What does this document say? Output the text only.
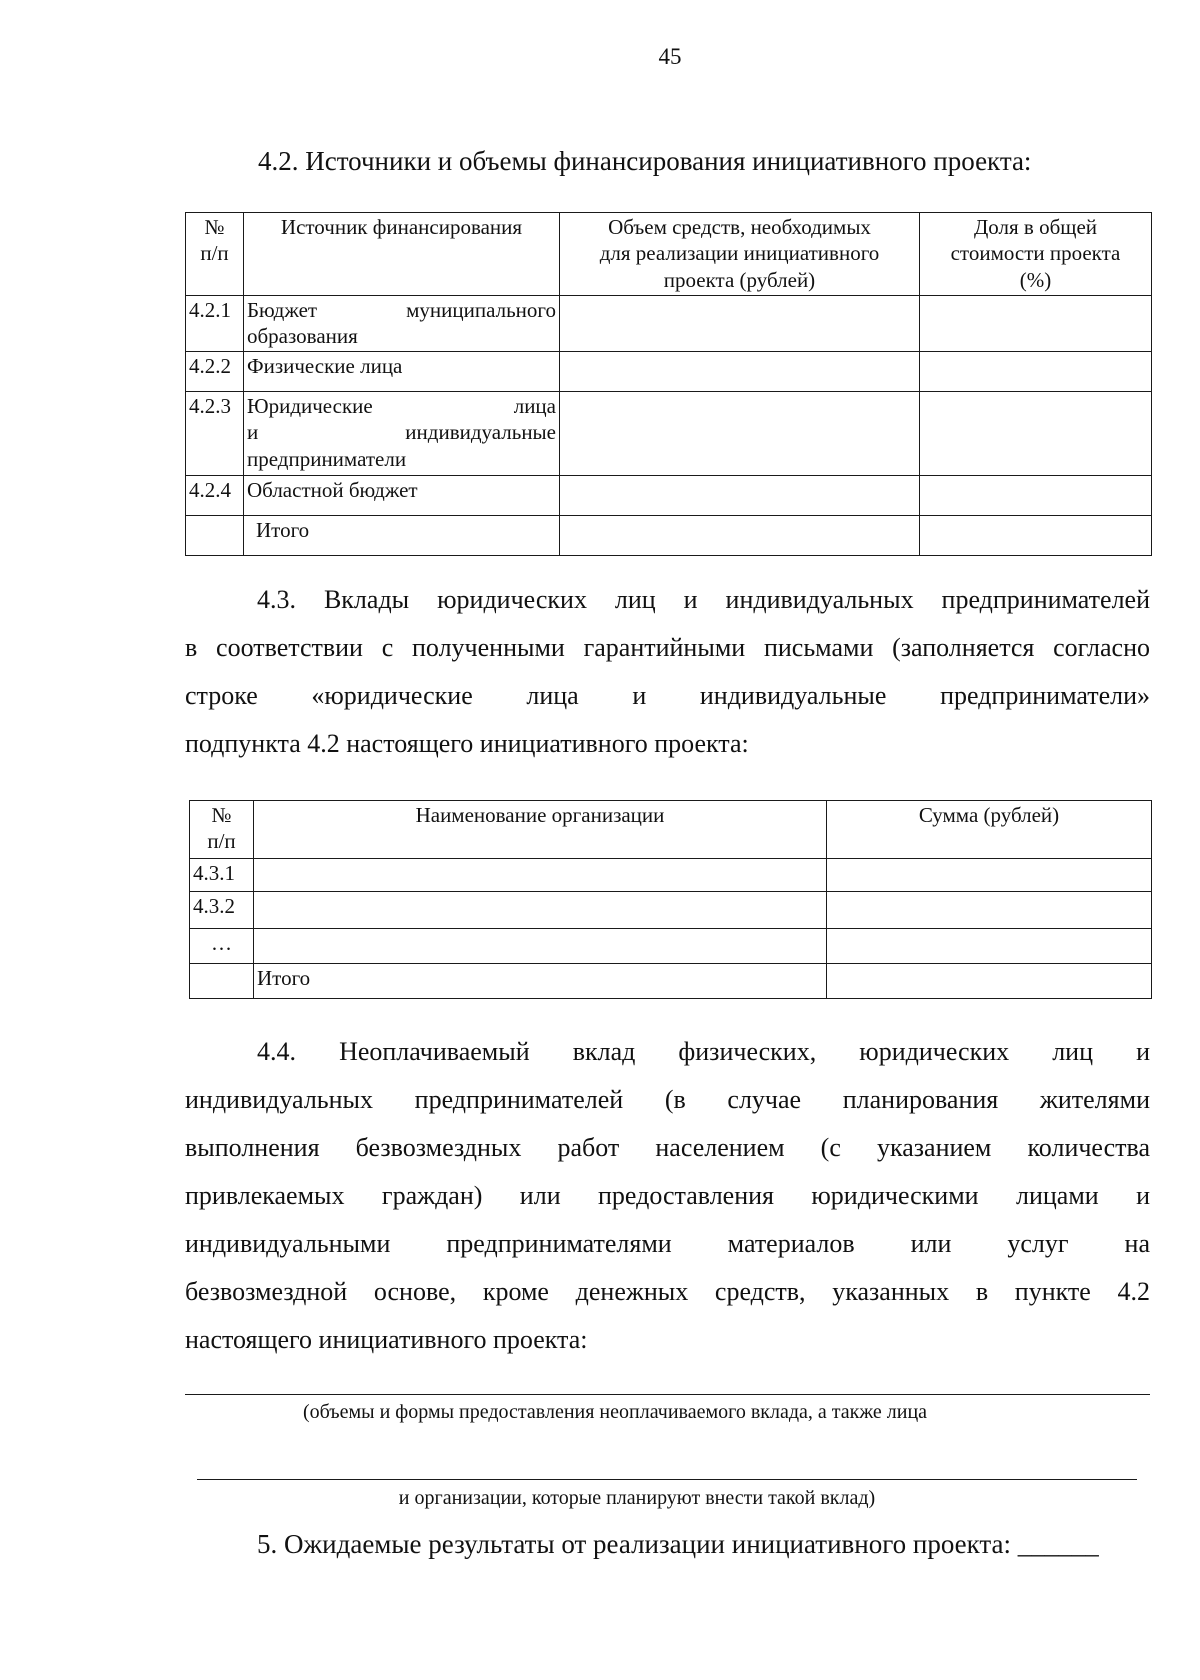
45
4.2. Источники и объемы финансирования инициативного проекта:
№
п/п	Источник финансирования	Объем средств, необходимых
для реализации инициативного
проекта (рублей)	Доля в общей
стоимости проекта
(%)
4.2.1	Бюджет муниципального
образования		

4.2.2	Физические лица		
4.2.3	Юридические лица
и индивидуальные
предприниматели		

4.2.4	Областной бюджет		
	Итого		
4.3. Вклады юридических лиц и индивидуальных предпринимателей
в соответствии с полученными гарантийными письмами (заполняется согласно
строке «юридические лица и индивидуальные предприниматели»
подпункта 4.2 настоящего инициативного проекта:
№
п/п	Наименование организации	Сумма (рублей)
4.3.1		
4.3.2		
…		
	Итого	
4.4. Неоплачиваемый вклад физических, юридических лиц и
индивидуальных предпринимателей (в случае планирования жителями
выполнения безвозмездных работ населением (с указанием количества
привлекаемых граждан) или предоставления юридическими лицами и
индивидуальными предпринимателями материалов или услуг на
безвозмездной основе, кроме денежных средств, указанных в пункте 4.2
настоящего инициативного проекта:
(объемы и формы предоставления неоплачиваемого вклада, а также лица
и организации, которые планируют внести такой вклад)
5. Ожидаемые результаты от реализации инициативного проекта: ______
